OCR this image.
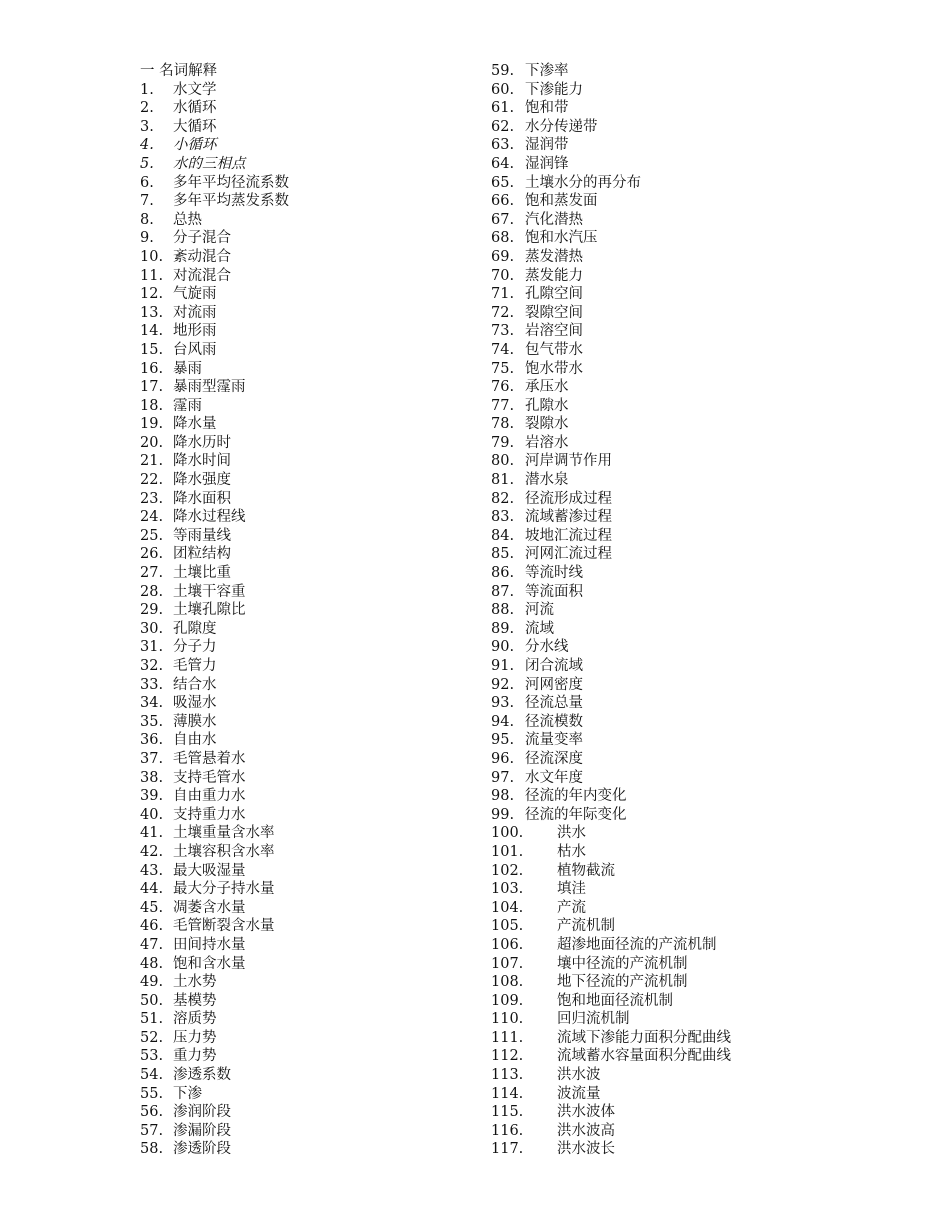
一 名词解释
1.	水文学
2.	水循环
3.	大循环
4.	小循环
5.	水的三相点
6.	多年平均径流系数
7.	多年平均蒸发系数
8.	总热
9.	分子混合
10. 紊动混合
11. 对流混合
12. 气旋雨
13. 对流雨
14. 地形雨
15. 台风雨
16. 暴雨
17. 暴雨型霪雨
18. 霪雨
19. 降水量
20. 降水历时
21. 降水时间
22. 降水强度
23. 降水面积
24. 降水过程线
25. 等雨量线
26. 团粒结构
27. 土壤比重
28. 土壤干容重
29. 土壤孔隙比
30. 孔隙度
31. 分子力
32. 毛管力
33. 结合水
34. 吸湿水
35. 薄膜水
36. 自由水
37. 毛管悬着水
38. 支持毛管水
39. 自由重力水
40. 支持重力水
41. 土壤重量含水率
42. 土壤容积含水率
43. 最大吸湿量
44. 最大分子持水量
45. 凋萎含水量
46. 毛管断裂含水量
47. 田间持水量
48. 饱和含水量
49. 土水势
50. 基模势
51. 溶质势
52. 压力势
53. 重力势
54. 渗透系数
55. 下渗
56. 渗润阶段
57. 渗漏阶段
58. 渗透阶段
59. 下渗率
60. 下渗能力
61. 饱和带
62. 水分传递带
63. 湿润带
64. 湿润锋
65. 土壤水分的再分布
66. 饱和蒸发面
67. 汽化潜热
68. 饱和水汽压
69. 蒸发潜热
70. 蒸发能力
71. 孔隙空间
72. 裂隙空间
73. 岩溶空间
74. 包气带水
75. 饱水带水
76. 承压水
77. 孔隙水
78. 裂隙水
79. 岩溶水
80. 河岸调节作用
81. 潜水泉
82. 径流形成过程
83. 流域蓄渗过程
84. 坡地汇流过程
85. 河网汇流过程
86. 等流时线
87. 等流面积
88. 河流
89. 流域
90. 分水线
91. 闭合流域
92. 河网密度
93. 径流总量
94. 径流模数
95. 流量变率
96. 径流深度
97. 水文年度
98. 径流的年内变化
99. 径流的年际变化
100.	洪水
101.	枯水
102.	植物截流
103.	填洼
104.	产流
105.	产流机制
106.	超渗地面径流的产流机制
107.	壤中径流的产流机制
108.	地下径流的产流机制
109.	饱和地面径流机制
110.	回归流机制
111.	流域下渗能力面积分配曲线
112.	流域蓄水容量面积分配曲线
113.	洪水波
114.	波流量
115.	洪水波体
116.	洪水波高
117.	洪水波长
